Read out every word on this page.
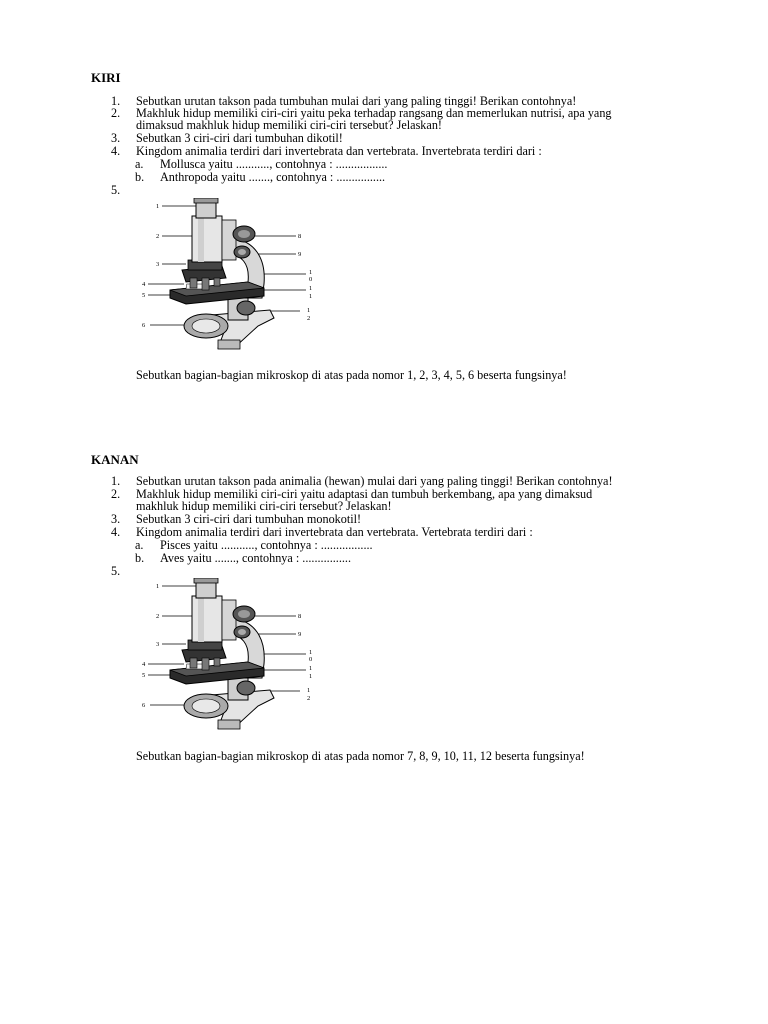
KIRI
1. Sebutkan urutan takson pada tumbuhan mulai dari yang paling tinggi! Berikan contohnya!
2. Makhluk hidup memiliki ciri-ciri yaitu peka terhadap rangsang dan memerlukan nutrisi, apa yang
dimaksud makhluk hidup memiliki ciri-ciri tersebut? Jelaskan!
3. Sebutkan 3 ciri-ciri dari tumbuhan dikotil!
4. Kingdom animalia terdiri dari invertebrata dan vertebrata. Invertebrata terdiri dari :
a. Mollusca yaitu ..........., contohnya : .................
b. Anthropoda yaitu ......., contohnya : ................
5.
1
2
3
4
5
6
8
9
1
0
1
1
1
2
Sebutkan bagian-bagian mikroskop di atas pada nomor 1, 2, 3, 4, 5, 6 beserta fungsinya!
KANAN
1. Sebutkan urutan takson pada animalia (hewan) mulai dari yang paling tinggi! Berikan contohnya!
2. Makhluk hidup memiliki ciri-ciri yaitu adaptasi dan tumbuh berkembang, apa yang dimaksud
makhluk hidup memiliki ciri-ciri tersebut? Jelaskan!
3. Sebutkan 3 ciri-ciri dari tumbuhan monokotil!
4. Kingdom animalia terdiri dari invertebrata dan vertebrata. Vertebrata terdiri dari :
a. Pisces yaitu ..........., contohnya : .................
b. Aves yaitu ......., contohnya : ................
5.
1
2
3
4
5
6
8
9
1
0
1
1
1
2
Sebutkan bagian-bagian mikroskop di atas pada nomor 7, 8, 9, 10, 11, 12 beserta fungsinya!
